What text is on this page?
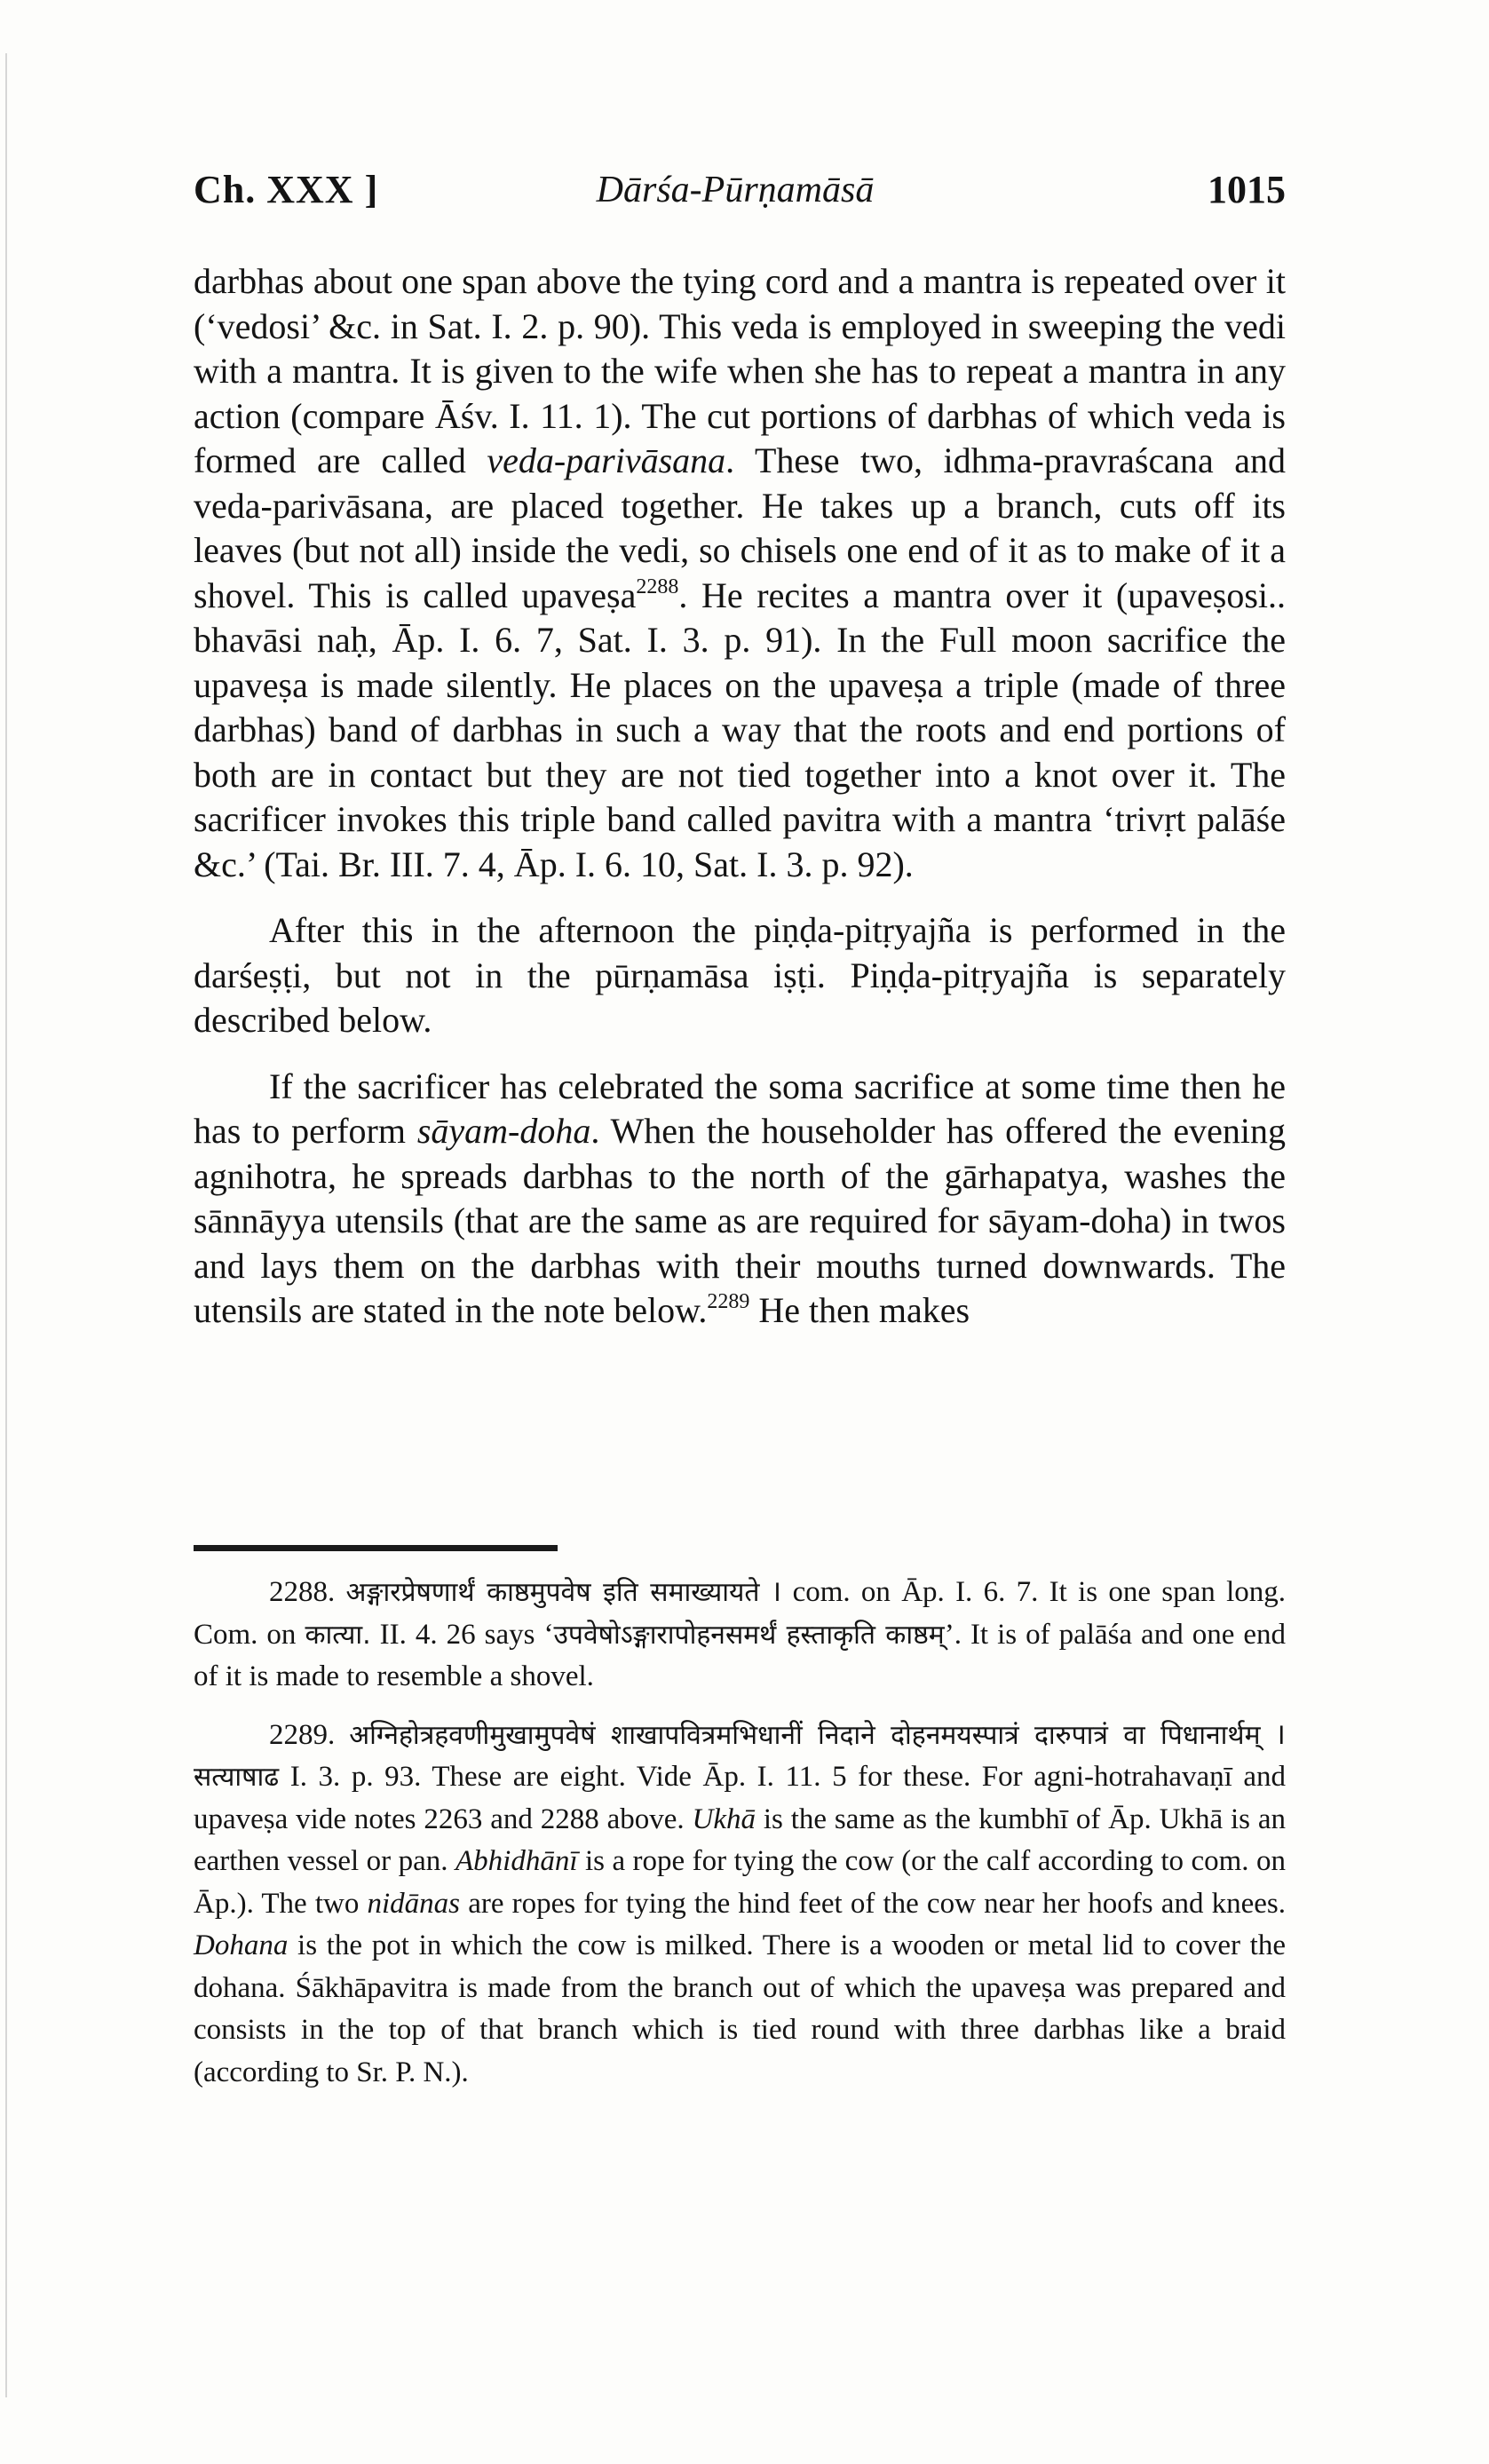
Ch. XXX ]	Dārśa-Pūrṇamāsā	1015

darbhas about one span above the tying cord and a mantra is repeated over it (‘vedosi’ &c. in Sat. I. 2. p. 90). This veda is employed in sweeping the vedi with a mantra. It is given to the wife when she has to repeat a mantra in any action (compare Āśv. I. 11. 1). The cut portions of darbhas of which veda is formed are called veda-parivāsana. These two, idhma-pravraścana and veda-parivāsana, are placed together. He takes up a branch, cuts off its leaves (but not all) inside the vedi, so chisels one end of it as to make of it a shovel. This is called upaveṣa$^{2288}$. He recites a mantra over it (upaveṣosi.. bhavāsi naḥ, Āp. I. 6. 7, Sat. I. 3. p. 91). In the Full moon sacrifice the upaveṣa is made silently. He places on the upaveṣa a triple (made of three darbhas) band of darbhas in such a way that the roots and end portions of both are in contact but they are not tied together into a knot over it. The sacrificer invokes this triple band called pavitra with a mantra ‘trivṛt palāśe &c.’ (Tai. Br. III. 7. 4, Āp. I. 6. 10, Sat. I. 3. p. 92).

After this in the afternoon the piṇḍa-pitṛyajña is performed in the darśeṣṭi, but not in the pūrṇamāsa iṣṭi. Piṇḍa-pitṛyajña is separately described below.

If the sacrificer has celebrated the soma sacrifice at some time then he has to perform sāyam-doha. When the householder has offered the evening agnihotra, he spreads darbhas to the north of the gārhapatya, washes the sānnāyya utensils (that are the same as are required for sāyam-doha) in twos and lays them on the darbhas with their mouths turned downwards. The utensils are stated in the note below.$^{2289}$ He then makes

2288. अङ्गारप्रेषणार्थं काष्ठमुपवेष इति समाख्यायते । com. on Āp. I. 6. 7. It is one span long. Com. on कात्या. II. 4. 26 says ‘उपवेषोऽङ्गारापोहनसमर्थं हस्ताकृति काष्ठम्’. It is of palāśa and one end of it is made to resemble a shovel.

2289. अग्निहोत्रहवणीमुखामुपवेषं शाखापवित्रमभिधानीं निदाने दोहनमयस्पात्रं दारुपात्रं वा पिधानार्थम् । सत्याषाढ I. 3. p. 93. These are eight. Vide Āp. I. 11. 5 for these. For agni-hotrahavaṇī and upaveṣa vide notes 2263 and 2288 above. Ukhā is the same as the kumbhī of Āp. Ukhā is an earthen vessel or pan. Abhidhānī is a rope for tying the cow (or the calf according to com. on Āp.). The two nidānas are ropes for tying the hind feet of the cow near her hoofs and knees. Dohana is the pot in which the cow is milked. There is a wooden or metal lid to cover the dohana. Śākhāpavitra is made from the branch out of which the upaveṣa was prepared and consists in the top of that branch which is tied round with three darbhas like a braid (according to Sr. P. N.).
